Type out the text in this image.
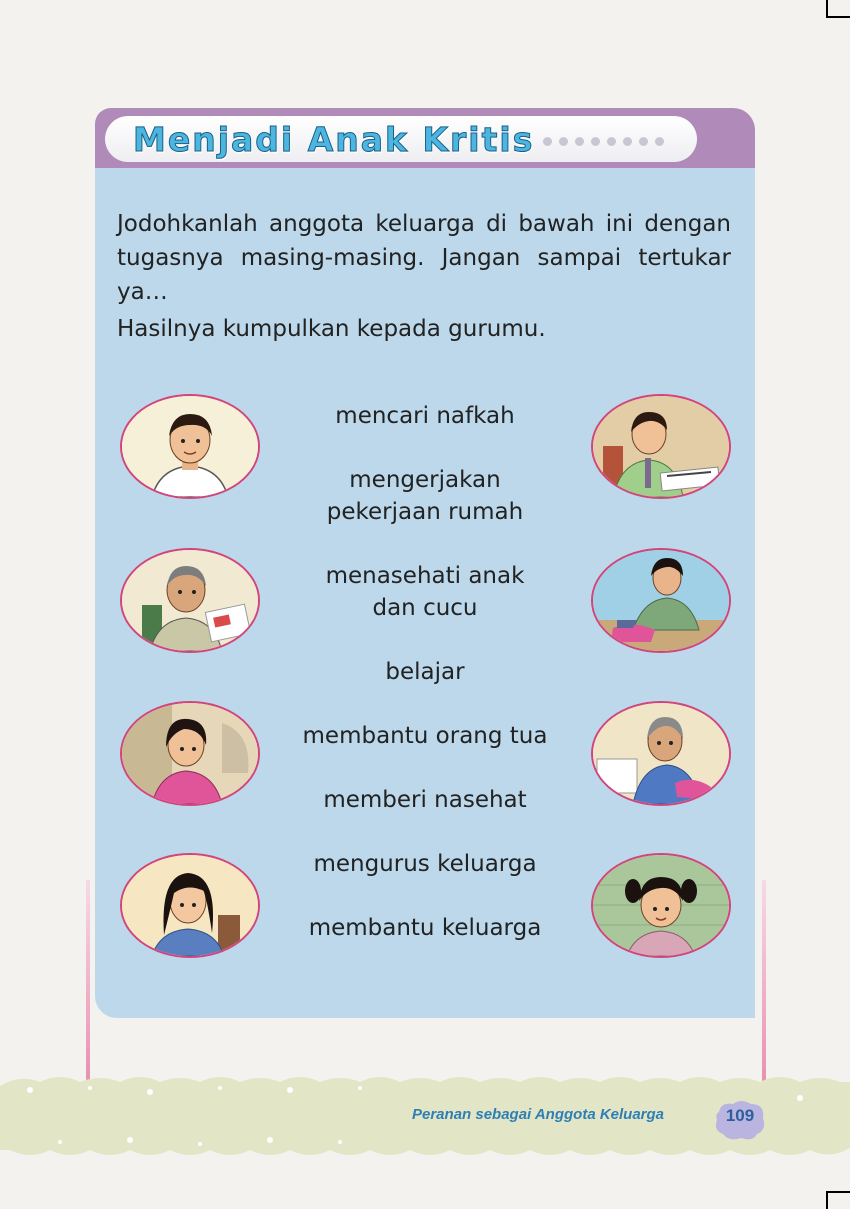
Menjadi Anak Kritis

Jodohkanlah anggota keluarga di bawah ini dengan tugasnya masing-masing. Jangan sampai tertukar ya…

Hasilnya kumpulkan kepada gurumu.

mencari nafkah
mengerjakan pekerjaan rumah
menasehati anak dan cucu
belajar
membantu orang tua
memberi nasehat
mengurus keluarga
membantu keluarga
Peranan sebagai Anggota Keluarga	109
